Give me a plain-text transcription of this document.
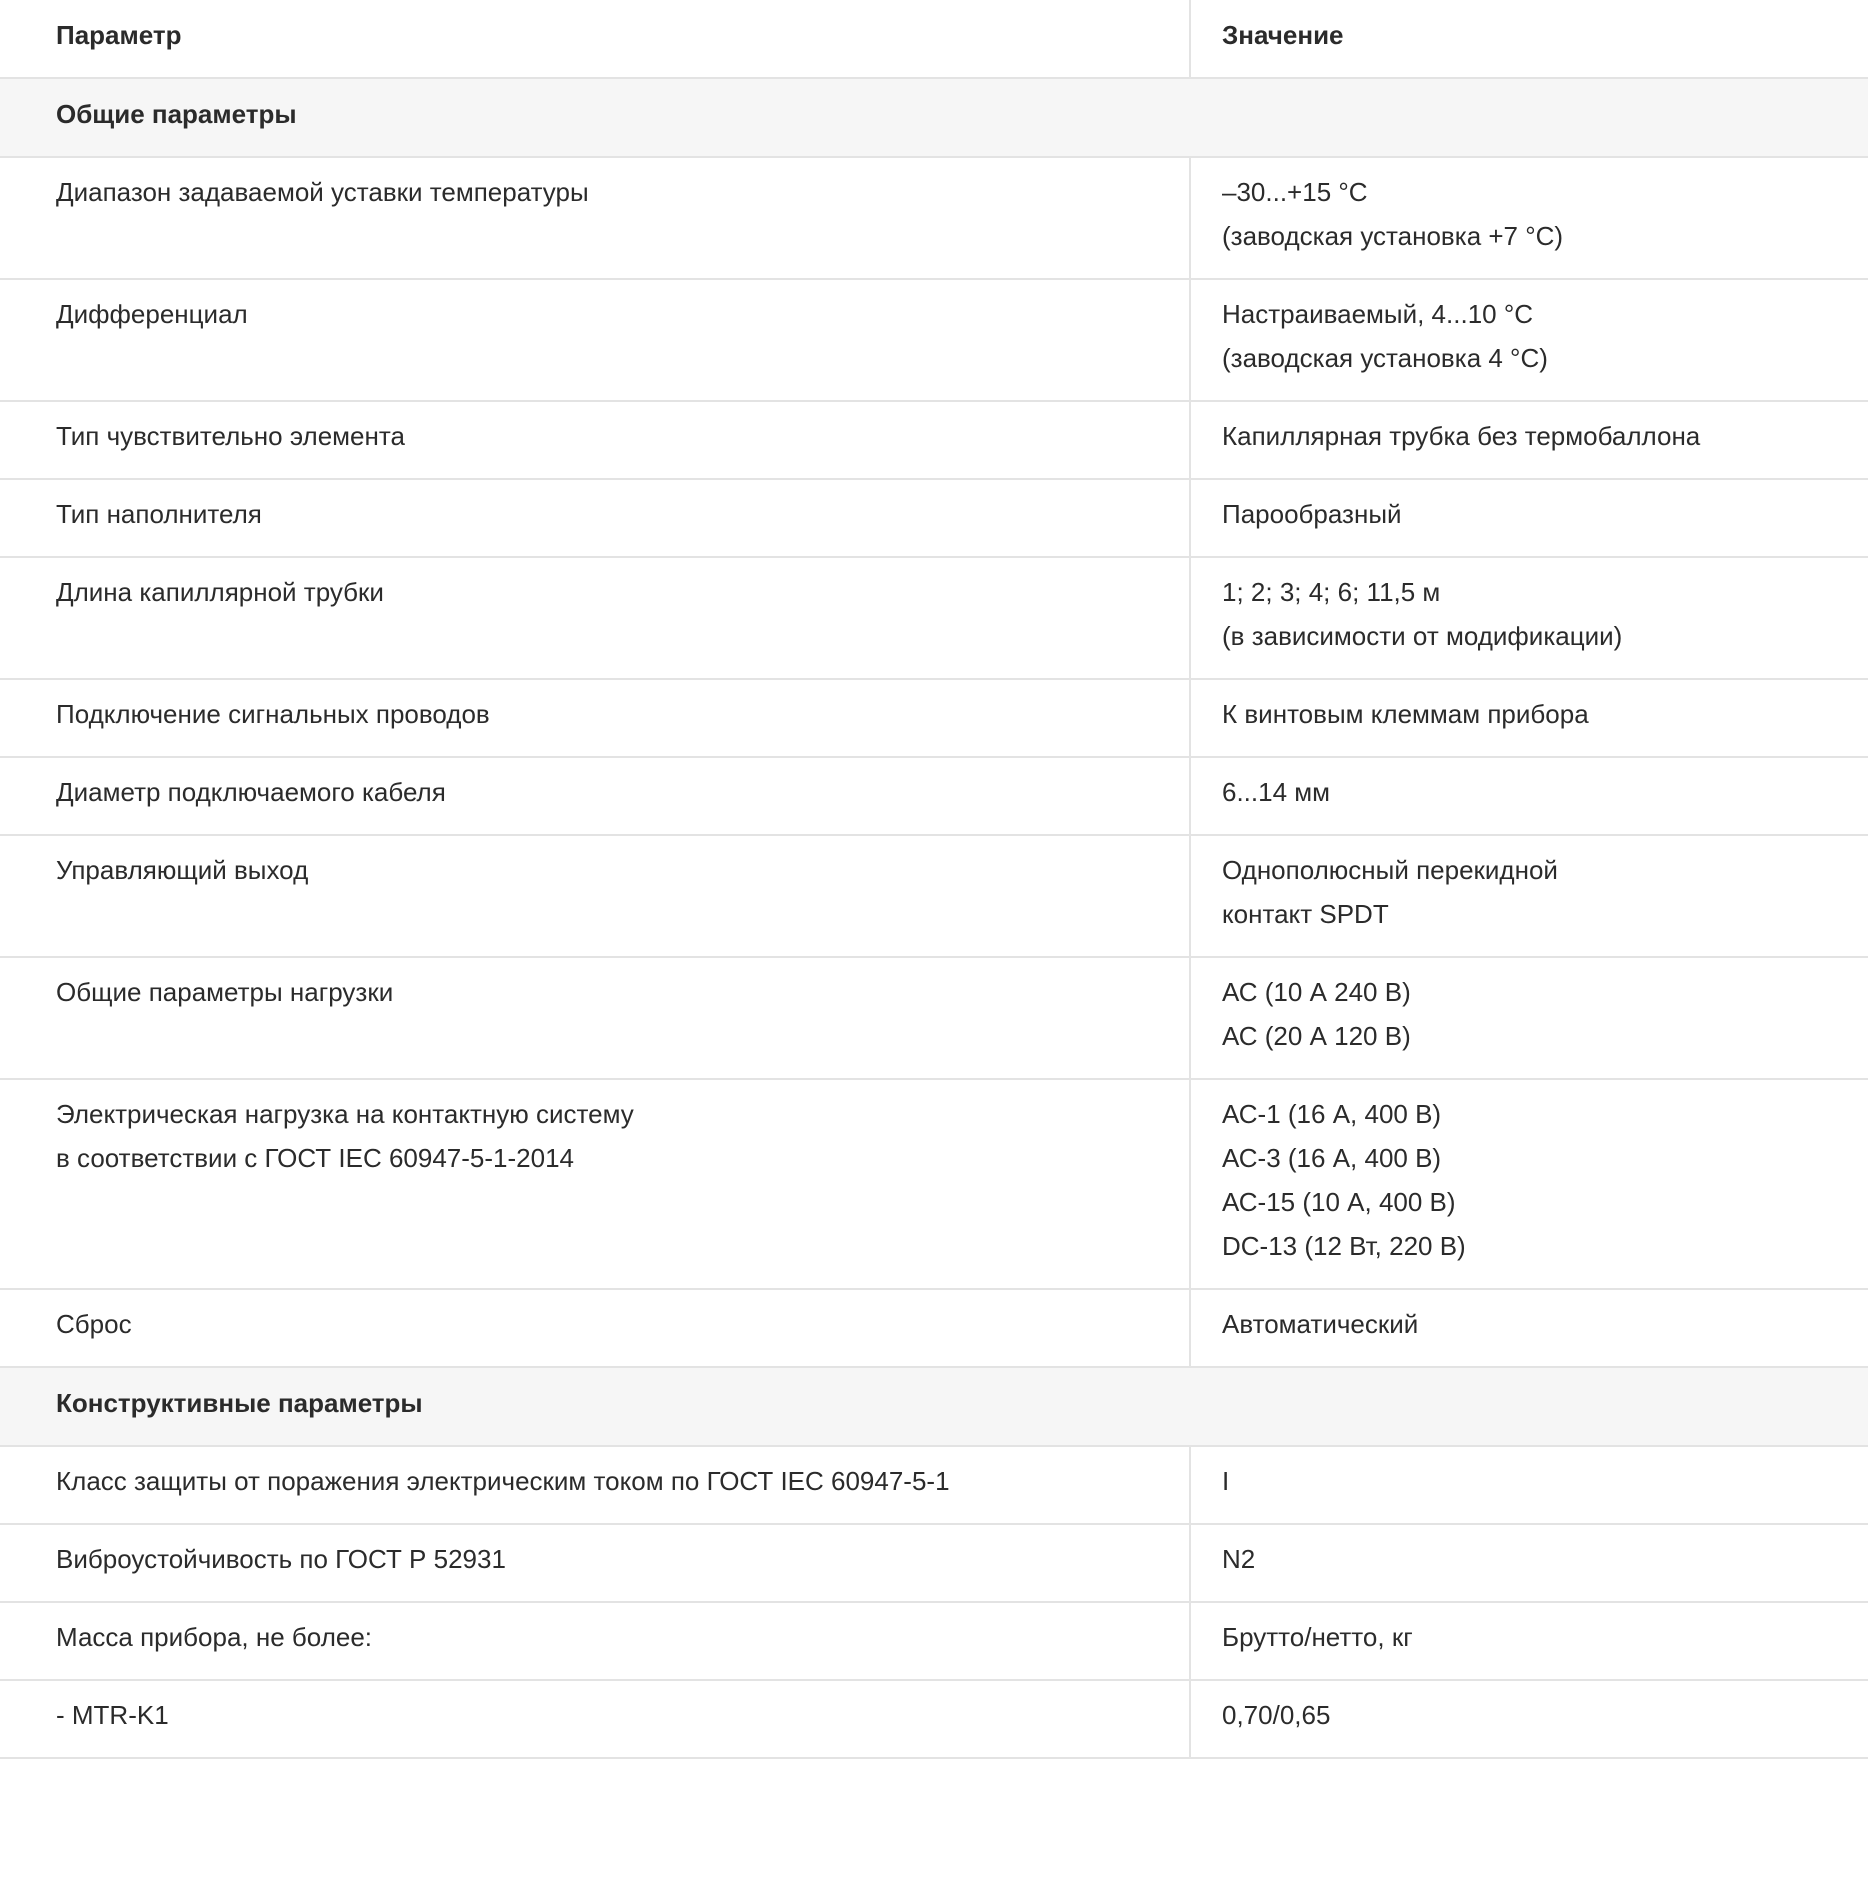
Параметр	Значение
Общие параметры	

Диапазон задаваемой уставки температуры	–30...+15 °С
(заводская установка +7 °С)

Дифференциал	Настраиваемый, 4...10 °С
(заводская установка 4 °С)

Тип чувствительно элемента	Капиллярная трубка без термобаллона

Тип наполнителя	Парообразный

Длина капиллярной трубки	1; 2; 3; 4; 6; 11,5 м
(в зависимости от модификации)

Подключение сигнальных проводов	К винтовым клеммам прибора

Диаметр подключаемого кабеля	6...14 мм

Управляющий выход	Однополюсный перекидной
контакт SPDT

Общие параметры нагрузки	АС (10 А 240 В)
АС (20 А 120 В)

Электрическая нагрузка на контактную систему
в соответствии с ГОСТ IEC 60947-5-1-2014	АС-1 (16 А, 400 В)
АС-3 (16 А, 400 В)
АС-15 (10 А, 400 В)
DC-13 (12 Вт, 220 В)

Сброс	Автоматический

Конструктивные параметры	

Класс защиты от поражения электрическим током по ГОСТ IEC 60947-5-1	I

Виброустойчивость по ГОСТ Р 52931	N2

Масса прибора, не более:	Брутто/нетто, кг

- MTR-K1	0,70/0,65
